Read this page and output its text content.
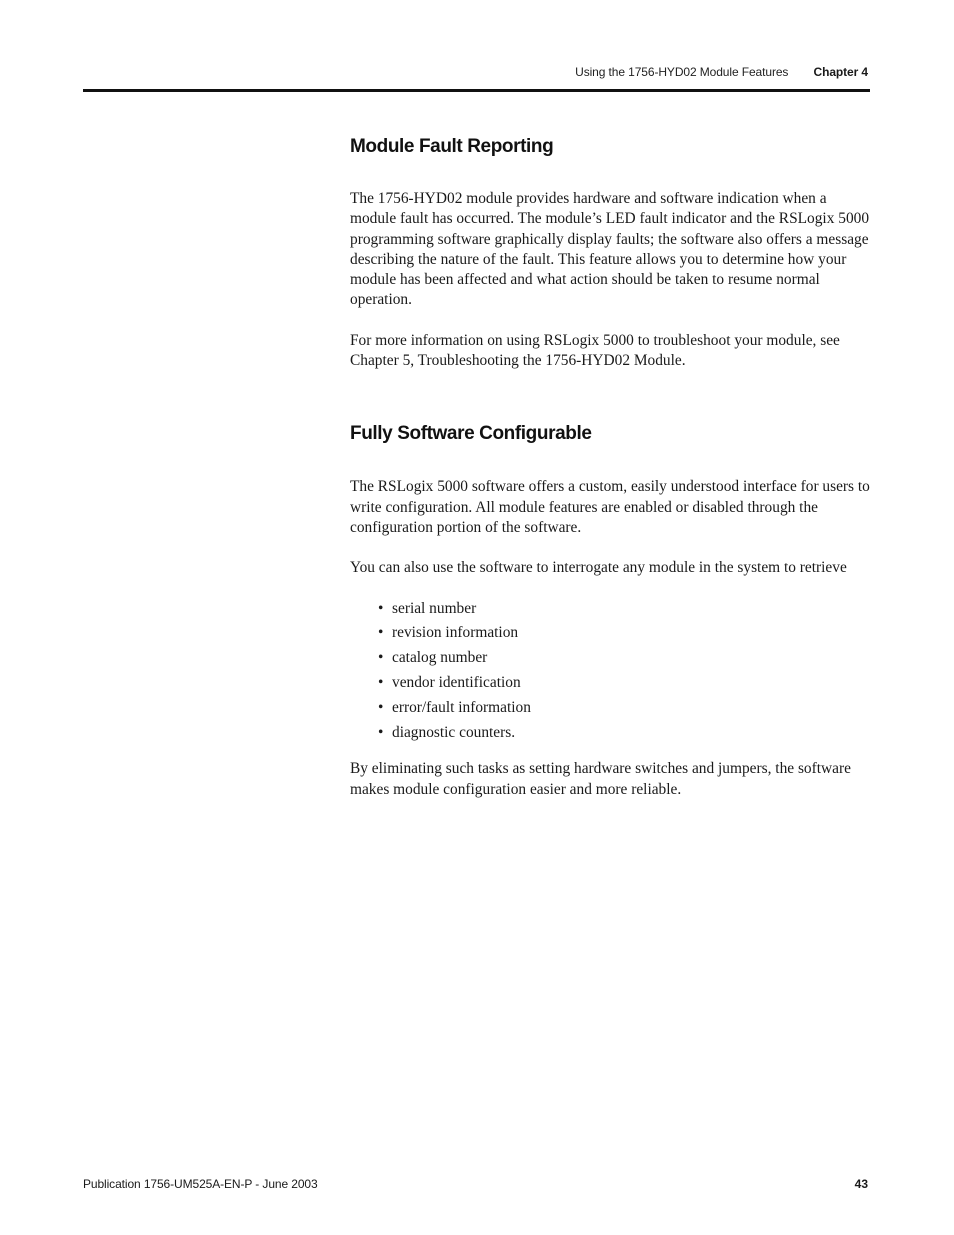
Using the 1756-HYD02 Module Features Chapter 4
Module Fault Reporting

The 1756-HYD02 module provides hardware and software indication when a module fault has occurred. The module’s LED fault indicator and the RSLogix 5000 programming software graphically display faults; the software also offers a message describing the nature of the fault. This feature allows you to determine how your module has been affected and what action should be taken to resume normal operation.

For more information on using RSLogix 5000 to troubleshoot your module, see Chapter 5, Troubleshooting the 1756-HYD02 Module.

Fully Software Configurable

The RSLogix 5000 software offers a custom, easily understood interface for users to write configuration. All module features are enabled or disabled through the configuration portion of the software.

You can also use the software to interrogate any module in the system to retrieve

• serial number
• revision information
• catalog number
• vendor identification
• error/fault information
• diagnostic counters.

By eliminating such tasks as setting hardware switches and jumpers, the software makes module configuration easier and more reliable.

Publication 1756-UM525A-EN-P - June 2003	43
